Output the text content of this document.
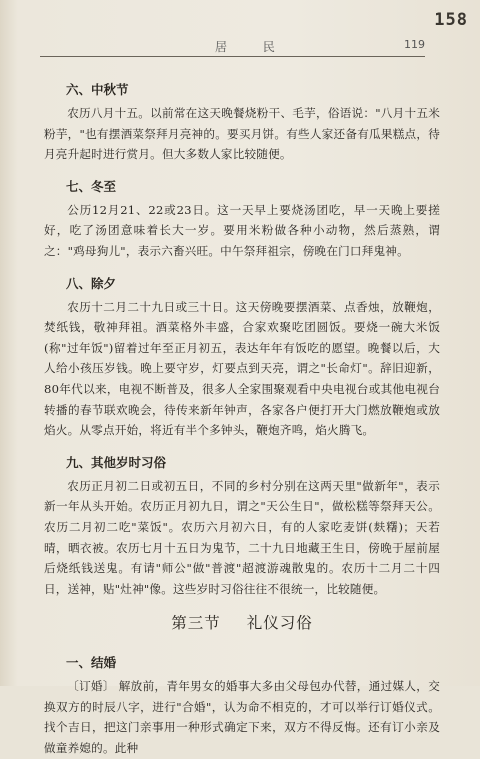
158
居 民	119
六、中秋节

农历八月十五。以前常在这天晚餐烧粉干、毛芋，俗语说："八月十五米粉芋，"也有摆酒菜祭拜月亮神的。要买月饼。有些人家还备有瓜果糕点，待月亮升起时进行赏月。但大多数人家比较随便。

七、冬至

公历12月21、22或23日。这一天早上要烧汤团吃，早一天晚上要搓好，吃了汤团意味着长大一岁。要用米粉做各种小动物，然后蒸熟，谓之："鸡母狗儿"，表示六畜兴旺。中午祭拜祖宗，傍晚在门口拜鬼神。

八、除夕

农历十二月二十九日或三十日。这天傍晚要摆酒菜、点香烛，放鞭炮，焚纸钱，敬神拜祖。酒菜格外丰盛，合家欢聚吃团圆饭。要烧一碗大米饭(称"过年饭")留着过年至正月初五，表达年年有饭吃的愿望。晚餐以后，大人给小孩压岁钱。晚上要守岁，灯要点到天亮，谓之"长命灯"。辞旧迎新，80年代以来，电视不断普及，很多人全家围聚观看中央电视台或其他电视台转播的春节联欢晚会，待传来新年钟声，各家各户便打开大门燃放鞭炮或放焰火。从零点开始，将近有半个多钟头，鞭炮齐鸣，焰火腾飞。

九、其他岁时习俗

农历正月初二日或初五日，不同的乡村分别在这两天里"做新年"，表示新一年从头开始。农历正月初九日，谓之"天公生日"，做松糕等祭拜天公。农历二月初二吃"菜饭"。农历六月初六日，有的人家吃麦饼(麸糬)；天若晴，晒衣被。农历七月十五日为鬼节，二十九日地藏王生日，傍晚于屋前屋后烧纸钱送鬼。有请"师公"做"普渡"超渡游魂散鬼的。农历十二月二十四日，送神，贴"灶神"像。这些岁时习俗往往不很统一，比较随便。

第三节 礼仪习俗
一、结婚

〔订婚〕 解放前，青年男女的婚事大多由父母包办代替，通过媒人，交换双方的时辰八字，进行"合婚"，认为命不相克的，才可以举行订婚仪式。找个吉日，把这门亲事用一种形式确定下来，双方不得反悔。还有订小亲及做童养媳的。此种
